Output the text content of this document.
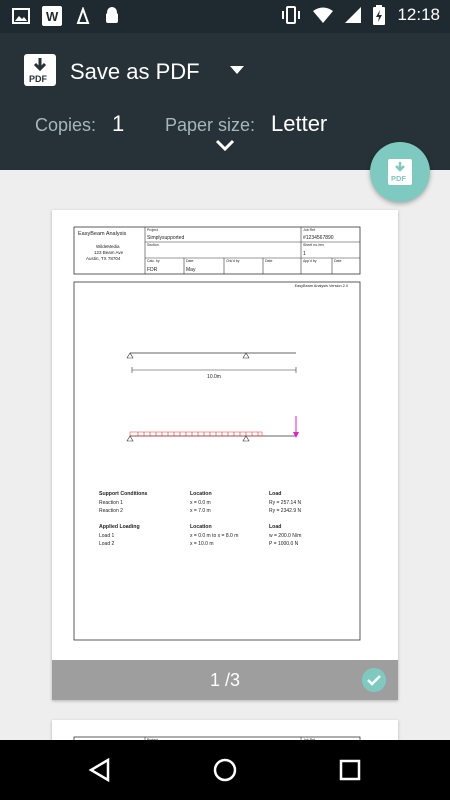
W	12:18
PDF Save as PDF
Copies: 1 Paper size: Letter
PDF
EasyBeam Analysis
WildeMedia
123 Beam Ave
Austin, TX 78704
Project
Simplysupported
Section
Job Ref.
#1234567890
Sheet no./rev.
1
Calc. by
FDR
Date
May
Chk'd by	Date	App'd by	Date
EasyBeam Analysis Version 2.0
10.0m
Support Conditions	Location	Load
Reaction 1	x = 0.0 m	Ry = 257.14 N
Reaction 2	x = 7.0 m	Ry = 2342.9 N
Applied Loading	Location	Load
Load 1	x = 0.0 m to x = 8.0 m	w = 200.0 N/m
Load 2	x = 10.0 m	P = 1000.0 N
1 /3
